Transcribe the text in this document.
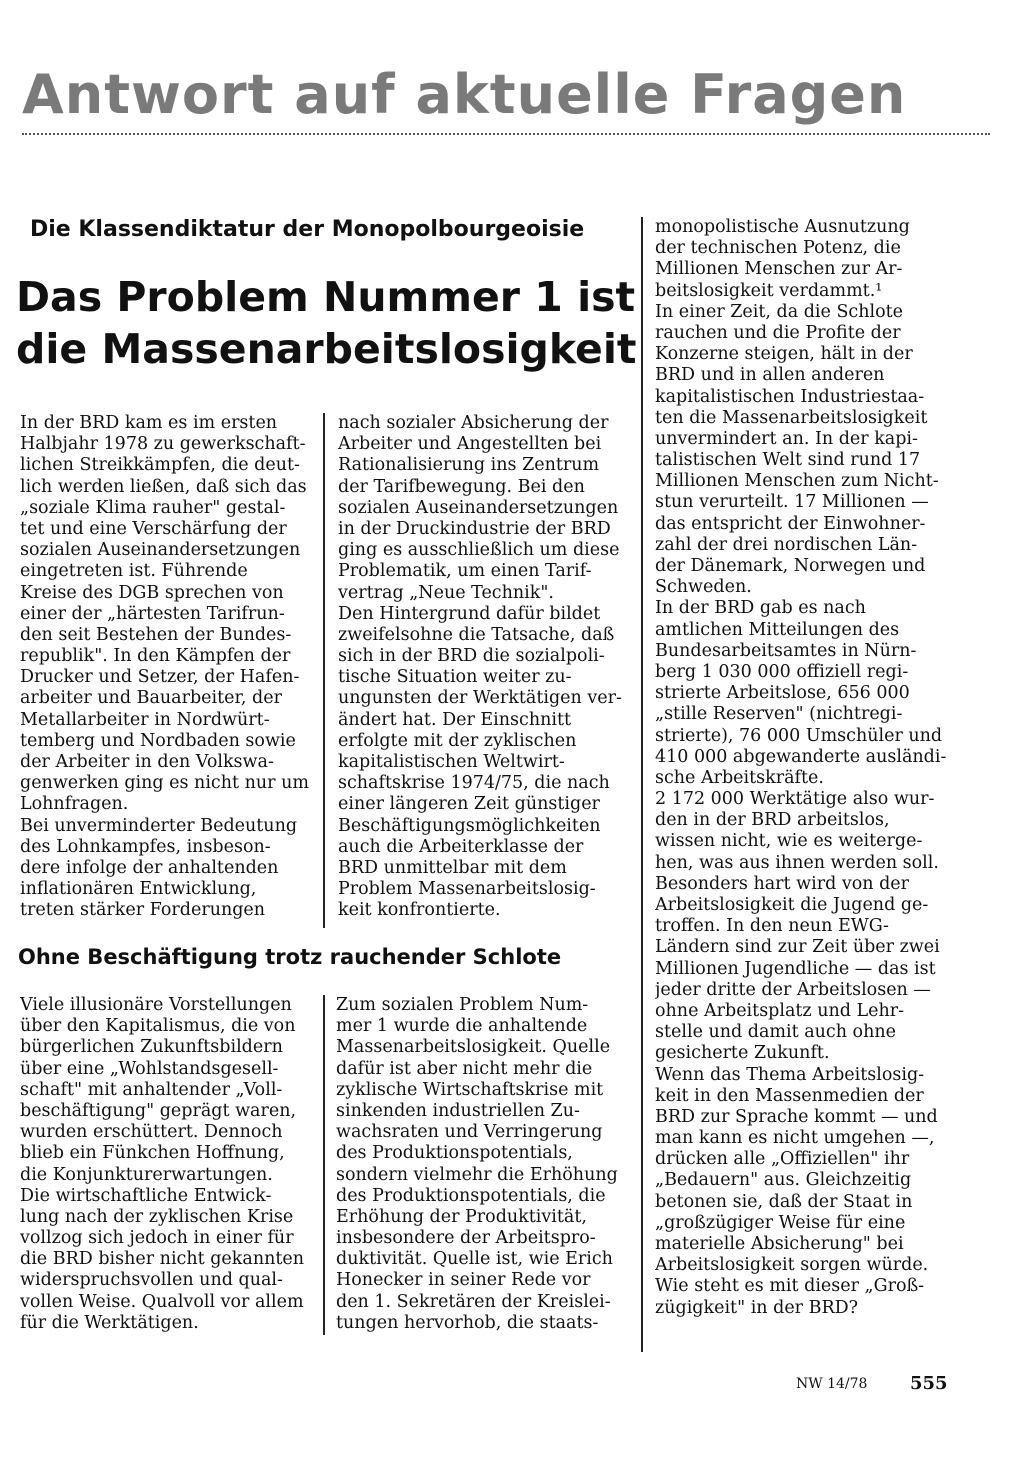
Antwort auf aktuelle Fragen
Die Klassendiktatur der Monopolbourgeoisie
Das Problem Nummer 1 ist
die Massenarbeitslosigkeit
In der BRD kam es im ersten
Halbjahr 1978 zu gewerkschaft-
lichen Streikkämpfen, die deut-
lich werden ließen, daß sich das
„soziale Klima rauher" gestal-
tet und eine Verschärfung der
sozialen Auseinandersetzungen
eingetreten ist. Führende
Kreise des DGB sprechen von
einer der „härtesten Tarifrun-
den seit Bestehen der Bundes-
republik". In den Kämpfen der
Drucker und Setzer, der Hafen-
arbeiter und Bauarbeiter, der
Metallarbeiter in Nordwürt-
temberg und Nordbaden sowie
der Arbeiter in den Volkswa-
genwerken ging es nicht nur um
Lohnfragen.
Bei unverminderter Bedeutung
des Lohnkampfes, insbeson-
dere infolge der anhaltenden
inflationären Entwicklung,
treten stärker Forderungen
nach sozialer Absicherung der
Arbeiter und Angestellten bei
Rationalisierung ins Zentrum
der Tarifbewegung. Bei den
sozialen Auseinandersetzungen
in der Druckindustrie der BRD
ging es ausschließlich um diese
Problematik, um einen Tarif-
vertrag „Neue Technik".
Den Hintergrund dafür bildet
zweifelsohne die Tatsache, daß
sich in der BRD die sozialpoli-
tische Situation weiter zu-
ungunsten der Werktätigen ver-
ändert hat. Der Einschnitt
erfolgte mit der zyklischen
kapitalistischen Weltwirt-
schaftskrise 1974/75, die nach
einer längeren Zeit günstiger
Beschäftigungsmöglichkeiten
auch die Arbeiterklasse der
BRD unmittelbar mit dem
Problem Massenarbeitslosig-
keit konfrontierte.
Ohne Beschäftigung trotz rauchender Schlote
Viele illusionäre Vorstellungen
über den Kapitalismus, die von
bürgerlichen Zukunftsbildern
über eine „Wohlstandsgesell-
schaft" mit anhaltender „Voll-
beschäftigung" geprägt waren,
wurden erschüttert. Dennoch
blieb ein Fünkchen Hoffnung,
die Konjunkturerwartungen.
Die wirtschaftliche Entwick-
lung nach der zyklischen Krise
vollzog sich jedoch in einer für
die BRD bisher nicht gekannten
widerspruchsvollen und qual-
vollen Weise. Qualvoll vor allem
für die Werktätigen.
Zum sozialen Problem Num-
mer 1 wurde die anhaltende
Massenarbeitslosigkeit. Quelle
dafür ist aber nicht mehr die
zyklische Wirtschaftskrise mit
sinkenden industriellen Zu-
wachsraten und Verringerung
des Produktionspotentials,
sondern vielmehr die Erhöhung
des Produktionspotentials, die
Erhöhung der Produktivität,
insbesondere der Arbeitspro-
duktivität. Quelle ist, wie Erich
Honecker in seiner Rede vor
den 1. Sekretären der Kreislei-
tungen hervorhob, die staats-
monopolistische Ausnutzung
der technischen Potenz, die
Millionen Menschen zur Ar-
beitslosigkeit verdammt.¹
In einer Zeit, da die Schlote
rauchen und die Profite der
Konzerne steigen, hält in der
BRD und in allen anderen
kapitalistischen Industriestaa-
ten die Massenarbeitslosigkeit
unvermindert an. In der kapi-
talistischen Welt sind rund 17
Millionen Menschen zum Nicht-
stun verurteilt. 17 Millionen —
das entspricht der Einwohner-
zahl der drei nordischen Län-
der Dänemark, Norwegen und
Schweden.
In der BRD gab es nach
amtlichen Mitteilungen des
Bundesarbeitsamtes in Nürn-
berg 1 030 000 offiziell regi-
strierte Arbeitslose, 656 000
„stille Reserven" (nichtregi-
strierte), 76 000 Umschüler und
410 000 abgewanderte ausländi-
sche Arbeitskräfte.
2 172 000 Werktätige also wur-
den in der BRD arbeitslos,
wissen nicht, wie es weiterge-
hen, was aus ihnen werden soll.
Besonders hart wird von der
Arbeitslosigkeit die Jugend ge-
troffen. In den neun EWG-
Ländern sind zur Zeit über zwei
Millionen Jugendliche — das ist
jeder dritte der Arbeitslosen —
ohne Arbeitsplatz und Lehr-
stelle und damit auch ohne
gesicherte Zukunft.
Wenn das Thema Arbeitslosig-
keit in den Massenmedien der
BRD zur Sprache kommt — und
man kann es nicht umgehen —,
drücken alle „Offiziellen" ihr
„Bedauern" aus. Gleichzeitig
betonen sie, daß der Staat in
„großzügiger Weise für eine
materielle Absicherung" bei
Arbeitslosigkeit sorgen würde.
Wie steht es mit dieser „Groß-
zügigkeit" in der BRD?
NW 14/78 555
